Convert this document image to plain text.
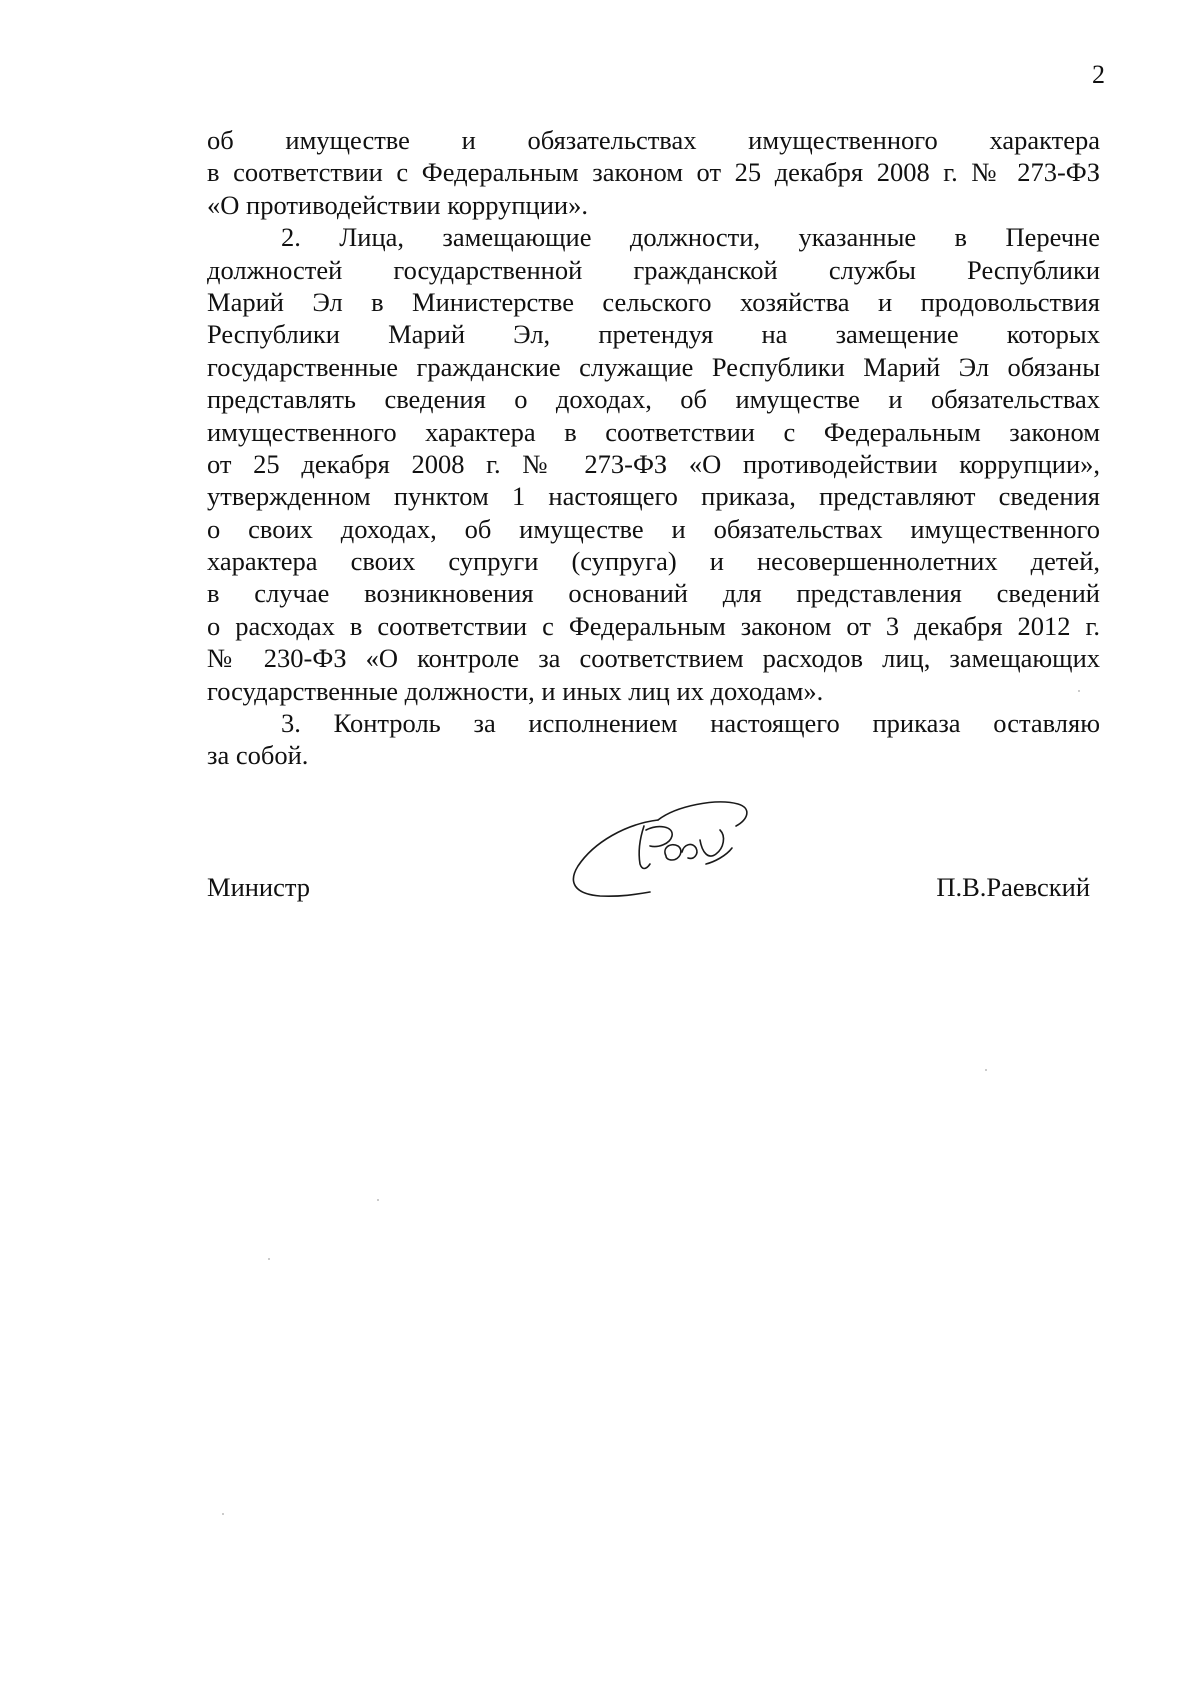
2
об имуществе и обязательствах имущественного характера
в соответствии с Федеральным законом от 25 декабря 2008 г. № 273-ФЗ
«О противодействии коррупции».
2. Лица, замещающие должности, указанные в Перечне
должностей государственной гражданской службы Республики
Марий Эл в Министерстве сельского хозяйства и продовольствия
Республики Марий Эл, претендуя на замещение которых
государственные гражданские служащие Республики Марий Эл обязаны
представлять сведения о доходах, об имуществе и обязательствах
имущественного характера в соответствии с Федеральным законом
от 25 декабря 2008 г. № 273-ФЗ «О противодействии коррупции»,
утвержденном пунктом 1 настоящего приказа, представляют сведения
о своих доходах, об имуществе и обязательствах имущественного
характера своих супруги (супруга) и несовершеннолетних детей,
в случае возникновения оснований для представления сведений
о расходах в соответствии с Федеральным законом от 3 декабря 2012 г.
№ 230-ФЗ «О контроле за соответствием расходов лиц, замещающих
государственные должности, и иных лиц их доходам».
3. Контроль за исполнением настоящего приказа оставляю
за собой.
Министр	П.В.Раевский
